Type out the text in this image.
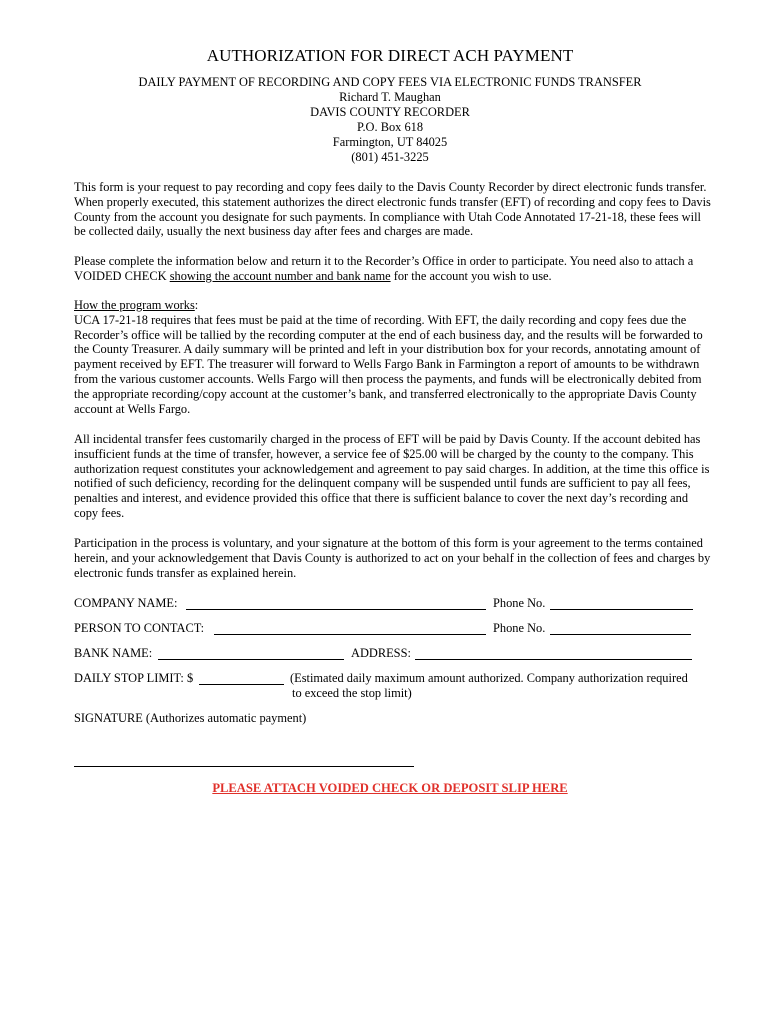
AUTHORIZATION FOR DIRECT ACH PAYMENT
DAILY PAYMENT OF RECORDING AND COPY FEES VIA ELECTRONIC FUNDS TRANSFER
Richard T. Maughan
DAVIS COUNTY RECORDER
P.O. Box 618
Farmington, UT 84025
(801) 451-3225

This form is your request to pay recording and copy fees daily to the Davis County Recorder by direct electronic funds transfer. When properly executed, this statement authorizes the direct electronic funds transfer (EFT) of recording and copy fees to Davis County from the account you designate for such payments. In compliance with Utah Code Annotated 17-21-18, these fees will be collected daily, usually the next business day after fees and charges are made.

Please complete the information below and return it to the Recorder’s Office in order to participate. You need also to attach a VOIDED CHECK showing the account number and bank name for the account you wish to use.

How the program works:

UCA 17-21-18 requires that fees must be paid at the time of recording. With EFT, the daily recording and copy fees due the Recorder’s office will be tallied by the recording computer at the end of each business day, and the results will be forwarded to the County Treasurer. A daily summary will be printed and left in your distribution box for your records, annotating amount of payment received by EFT. The treasurer will forward to Wells Fargo Bank in Farmington a report of amounts to be withdrawn from the various customer accounts. Wells Fargo will then process the payments, and funds will be electronically debited from the appropriate recording/copy account at the customer’s bank, and transferred electronically to the appropriate Davis County account at Wells Fargo.

All incidental transfer fees customarily charged in the process of EFT will be paid by Davis County. If the account debited has insufficient funds at the time of transfer, however, a service fee of $25.00 will be charged by the county to the company. This authorization request constitutes your acknowledgement and agreement to pay said charges. In addition, at the time this office is notified of such deficiency, recording for the delinquent company will be suspended until funds are sufficient to pay all fees, penalties and interest, and evidence provided this office that there is sufficient balance to cover the next day’s recording and copy fees.

Participation in the process is voluntary, and your signature at the bottom of this form is your agreement to the terms contained herein, and your acknowledgement that Davis County is authorized to act on your behalf in the collection of fees and charges by electronic funds transfer as explained herein.

COMPANY NAME:	Phone No.
PERSON TO CONTACT:	Phone No.
BANK NAME:	ADDRESS:
DAILY STOP LIMIT: $	(Estimated daily maximum amount authorized. Company authorization required
to exceed the stop limit)
SIGNATURE (Authorizes automatic payment)
PLEASE ATTACH VOIDED CHECK OR DEPOSIT SLIP HERE
